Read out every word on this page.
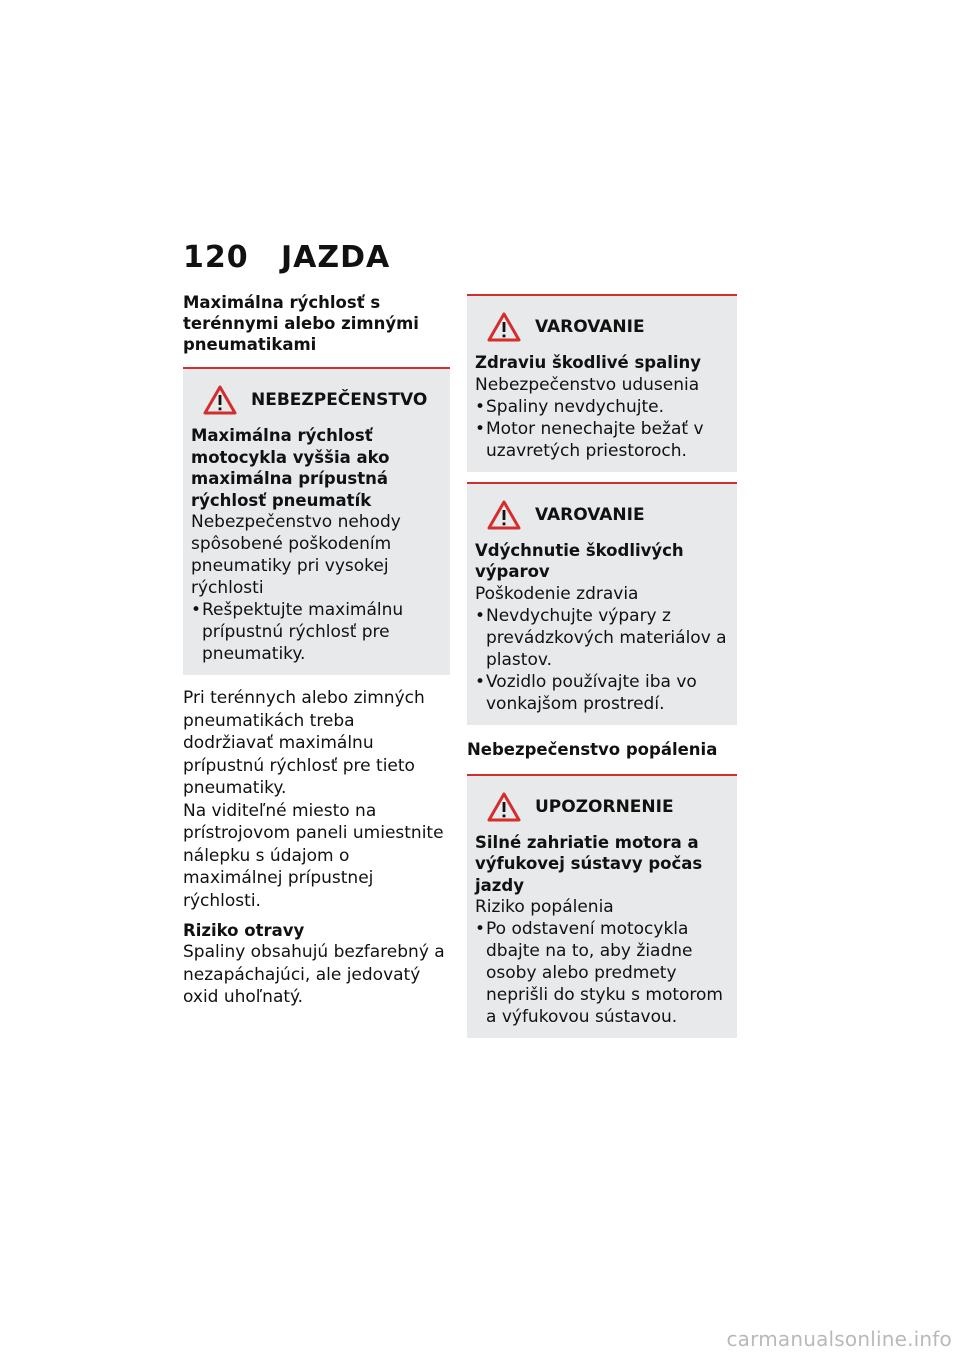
120 JAZDA

Maximálna rýchlosť s terénnymi alebo zimnými pneumatikami

NEBEZPEČENSTVO

Maximálna rýchlosť motocykla vyššia ako maximálna prípustná rýchlosť pneumatík

Nebezpečenstvo nehody spôsobené poškodením pneumatiky pri vysokej rýchlosti

• Rešpektujte maximálnu prípustnú rýchlosť pre pneumatiky.

Pri terénnych alebo zimných pneumatikách treba dodržiavať maximálnu prípustnú rýchlosť pre tieto pneumatiky.

Na viditeľné miesto na prístrojovom paneli umiestnite nálepku s údajom o maximálnej prípustnej rýchlosti.

Riziko otravy

Spaliny obsahujú bezfarebný a nezapáchajúci, ale jedovatý oxid uhoľnatý.

VAROVANIE

Zdraviu škodlivé spaliny

Nebezpečenstvo udusenia

• Spaliny nevdychujte.
• Motor nenechajte bežať v uzavretých priestoroch.
VAROVANIE

Vdýchnutie škodlivých výparov

Poškodenie zdravia

• Nevdychujte výpary z prevádzkových materiálov a plastov.
• Vozidlo používajte iba vo vonkajšom prostredí.

Nebezpečenstvo popálenia

UPOZORNENIE

Silné zahriatie motora a výfukovej sústavy počas jazdy

Riziko popálenia

• Po odstavení motocykla dbajte na to, aby žiadne osoby alebo predmety neprišli do styku s motorom a výfukovou sústavou.
carmanualsonline.info
